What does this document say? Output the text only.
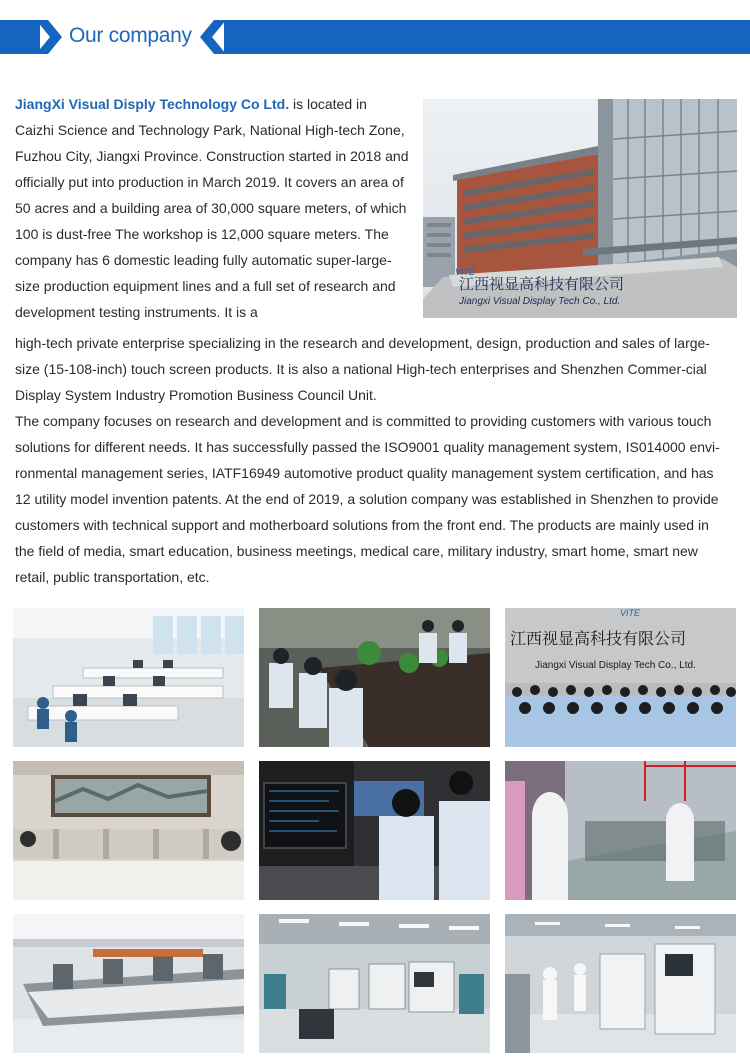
Our company
JiangXi Visual Disply Technology Co Ltd. is located in Caizhi Science and Technology Park, National High-tech Zone, Fuzhou City, Jiangxi Province. Construction started in 2018 and officially put into production in March 2019. It covers an area of 50 acres and a building area of 30,000 square meters, of which 100 is dust-free The workshop is 12,000 square meters. The company has 6 domestic leading fully automatic super-large-size production equipment lines and a full set of research and development testing instruments. It is a
VITE
江西视显高科技有限公司
Jiangxi Visual Display Tech Co., Ltd.

high-tech private enterprise specializing in the research and development, design, production and sales of large-size (15-108-inch) touch screen products. It is also a national High-tech enterprises and Shenzhen Commer-cial Display System Industry Promotion Business Council Unit.

The company focuses on research and development and is committed to providing customers with various touch solutions for different needs. It has successfully passed the ISO9001 quality management system, IS014000 envi-ronmental management series, IATF16949 automotive product quality management system certification, and has 12 utility model invention patents. At the end of 2019, a solution company was established in Shenzhen to provide customers with technical support and motherboard solutions from the front end. The products are mainly used in the field of media, smart education, business meetings, medical care, military industry, smart home, smart new retail, public transportation, etc.

VITE
江西视显高科技有限公司
Jiangxi Visual Display Tech Co., Ltd.
